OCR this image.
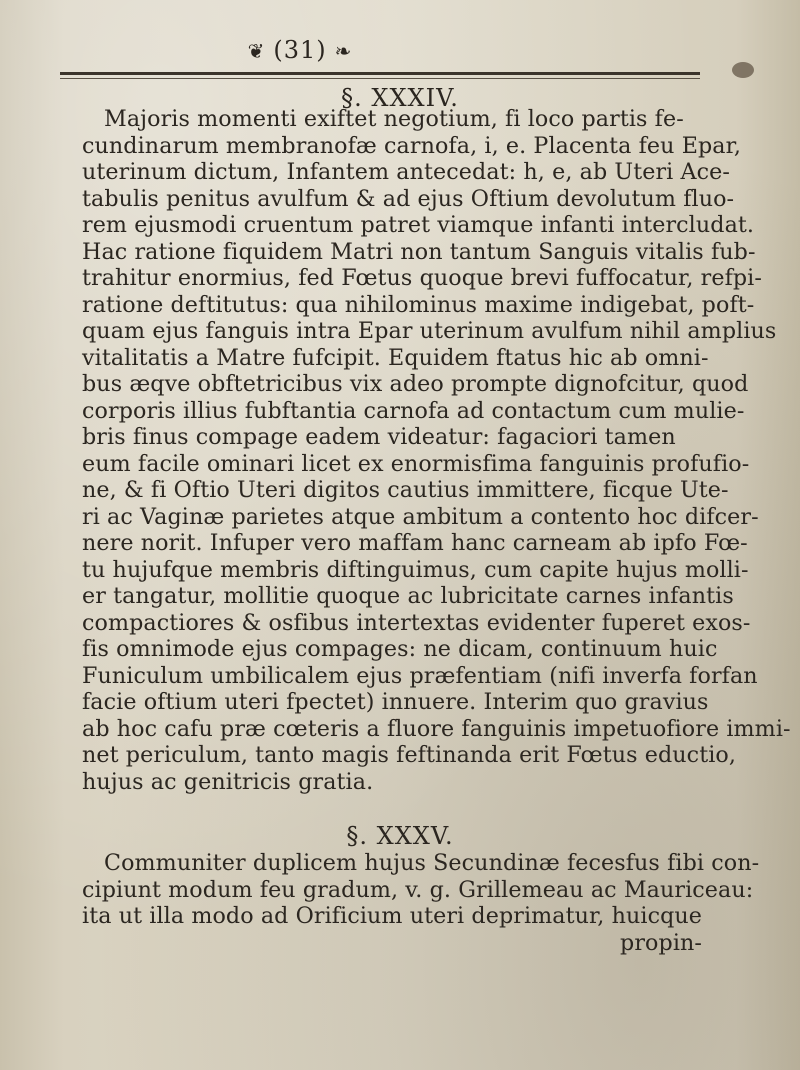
❦ (31) ❧
§. XXXIV.
Majoris momenti exiftet negotium, fi loco partis fe-
cundinarum membranofæ carnofa, i, e. Placenta feu Epar,
uterinum dictum, Infantem antecedat: h, e, ab Uteri Ace-
tabulis penitus avulfum & ad ejus Oftium devolutum fluo-
rem ejusmodi cruentum patret viamque infanti intercludat.
Hac ratione fiquidem Matri non tantum Sanguis vitalis fub-
trahitur enormius, fed Fœtus quoque brevi fuffocatur, refpi-
ratione deftitutus: qua nihilominus maxime indigebat, poft-
quam ejus fanguis intra Epar uterinum avulfum nihil amplius
vitalitatis a Matre fufcipit. Equidem ftatus hic ab omni-
bus æqve obftetricibus vix adeo prompte dignofcitur, quod
corporis illius fubftantia carnofa ad contactum cum mulie-
bris finus compage eadem videatur: fagaciori tamen
eum facile ominari licet ex enormisfima fanguinis profufio-
ne, & fi Oftio Uteri digitos cautius immittere, ficque Ute-
ri ac Vaginæ parietes atque ambitum a contento hoc difcer-
nere norit. Infuper vero maffam hanc carneam ab ipfo Fœ-
tu hujufque membris diftinguimus, cum capite hujus molli-
er tangatur, mollitie quoque ac lubricitate carnes infantis
compactiores & osfibus intertextas evidenter fuperet exos-
fis omnimode ejus compages: ne dicam, continuum huic
Funiculum umbilicalem ejus præfentiam (nifi inverfa forfan
facie oftium uteri fpectet) innuere. Interim quo gravius
ab hoc cafu præ cœteris a fluore fanguinis impetuofiore immi-
net periculum, tanto magis feftinanda erit Fœtus eductio,
hujus ac genitricis gratia.
§. XXXV.
Communiter duplicem hujus Secundinæ fecesfus fibi con-
cipiunt modum feu gradum, v. g. Grillemeau ac Mauriceau:
ita ut illa modo ad Orificium uteri deprimatur, huicque
propin-
